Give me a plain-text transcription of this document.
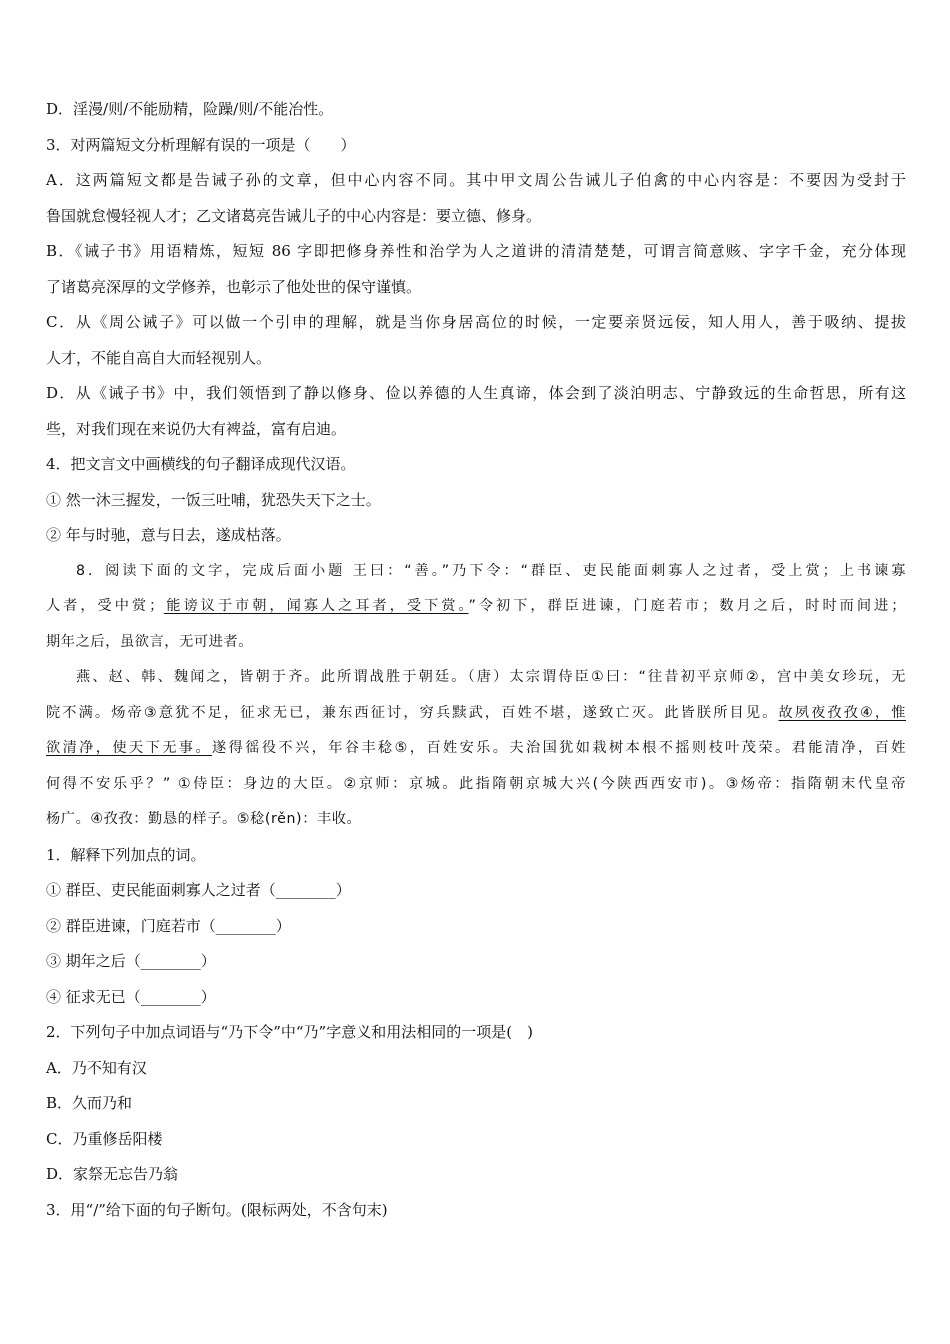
D．淫漫/则/不能励精，险躁/则/不能冶性。
3．对两篇短文分析理解有误的一项是（　　）
A．这两篇短文都是告诫子孙的文章，但中心内容不同。其中甲文周公告诫儿子伯禽的中心内容是：不要因为受封于
鲁国就怠慢轻视人才；乙文诸葛亮告诫儿子的中心内容是：要立德、修身。
B．《诫子书》用语精炼，短短 86 字即把修身养性和治学为人之道讲的清清楚楚，可谓言简意赅、字字千金，充分体现
了诸葛亮深厚的文学修养，也彰示了他处世的保守谨慎。
C．从《周公诫子》可以做一个引申的理解，就是当你身居高位的时候，一定要亲贤远佞，知人用人，善于吸纳、提拔
人才，不能自高自大而轻视别人。
D．从《诫子书》中，我们领悟到了静以修身、俭以养德的人生真谛，体会到了淡泊明志、宁静致远的生命哲思，所有这
些，对我们现在来说仍大有裨益，富有启迪。
4．把文言文中画横线的句子翻译成现代汉语。
① 然一沐三握发，一饭三吐哺，犹恐失天下之士。
② 年与时驰，意与日去，遂成枯落。
8．阅读下面的文字，完成后面小题 王曰：“善。”乃下令：“群臣、吏民能面刺寡人之过者，受上赏；上书谏寡
人者，受中赏；能谤议于市朝，闻寡人之耳者，受下赏。”令初下，群臣进谏，门庭若市；数月之后，时时而间进；
期年之后，虽欲言，无可进者。
燕、赵、韩、魏闻之，皆朝于齐。此所谓战胜于朝廷。（唐）太宗谓侍臣①曰：“往昔初平京师②，宫中美女珍玩，无
院不满。炀帝③意犹不足，征求无已，兼东西征讨，穷兵黩武，百姓不堪，遂致亡灭。此皆朕所目见。故夙夜孜孜④，惟
欲清净，使天下无事。遂得徭役不兴，年谷丰稔⑤，百姓安乐。夫治国犹如栽树本根不摇则枝叶茂荣。君能清净，百姓
何得不安乐乎？” ①侍臣：身边的大臣。②京师：京城。此指隋朝京城大兴(今陕西西安市)。③炀帝：指隋朝末代皇帝
杨广。④孜孜：勤恳的样子。⑤稔(rěn)：丰收。
1．解释下列加点的词。
① 群臣、吏民能面刺寡人之过者（________）
② 群臣进谏，门庭若市（________）
③ 期年之后（________）
④ 征求无已（________）
2．下列句子中加点词语与“乃下令”中“乃”字意义和用法相同的一项是(　)
A．乃不知有汉
B．久而乃和
C．乃重修岳阳楼
D．家祭无忘告乃翁
3．用“/”给下面的句子断句。(限标两处，不含句末)
